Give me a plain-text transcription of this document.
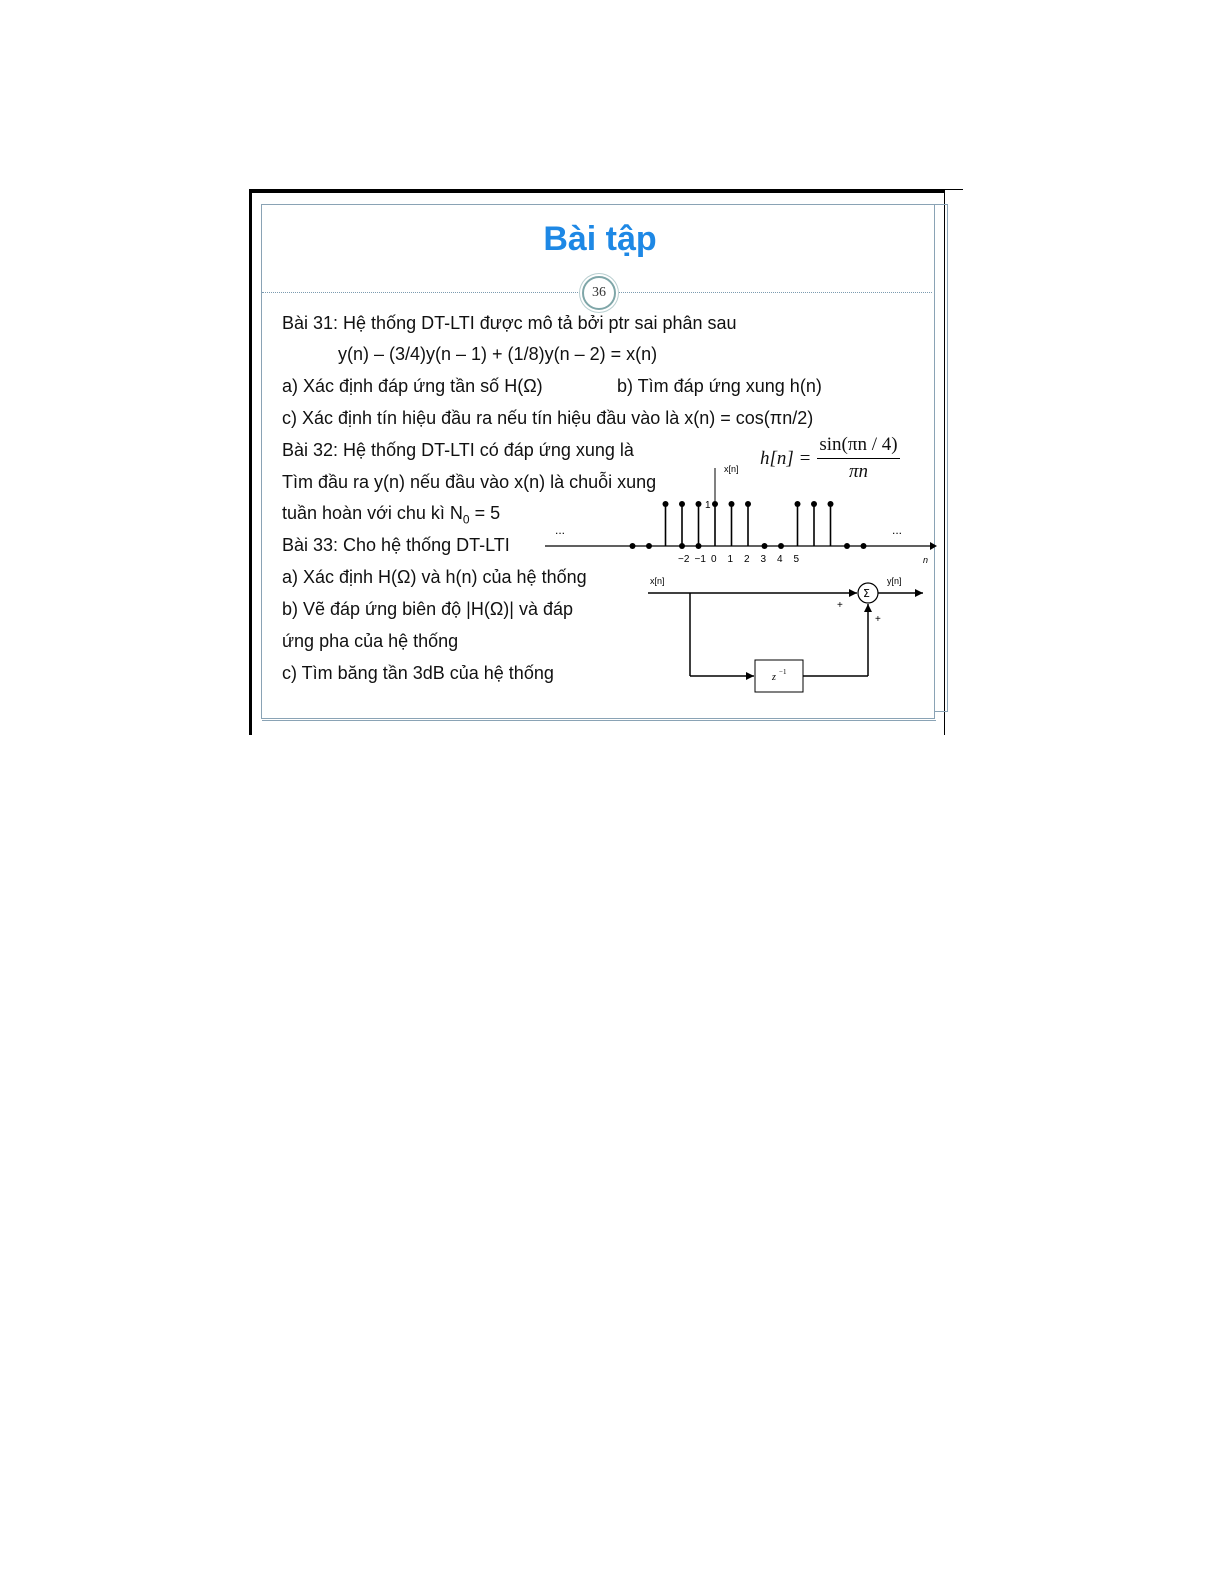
Bài tập
36
Bài 31: Hệ thống DT-LTI được mô tả bởi ptr sai phân sau
y(n) – (3/4)y(n – 1) + (1/8)y(n – 2) = x(n)
a) Xác định đáp ứng tần số H(Ω)	b) Tìm đáp ứng xung h(n)
c) Xác định tín hiệu đầu ra nếu tín hiệu đầu vào là x(n) = cos(πn/2)
Bài 32: Hệ thống DT-LTI có đáp ứng xung là
Tìm đầu ra y(n) nếu đầu vào x(n) là chuỗi xung
tuần hoàn với chu kì $N_0 = 5$
Bài 33: Cho hệ thống DT-LTI
a) Xác định H(Ω) và h(n) của hệ thống
b) Vẽ đáp ứng biên độ |H(Ω)| và đáp
ứng pha của hệ thống
c) Tìm băng tần 3dB của hệ thống
h[n] =	sin(πn / 4)
πn
x[n]
n
1
...	...
−2 −1 0 1 2 3 4 5
x[n]	y[n]
Σ
+
+
z −1
